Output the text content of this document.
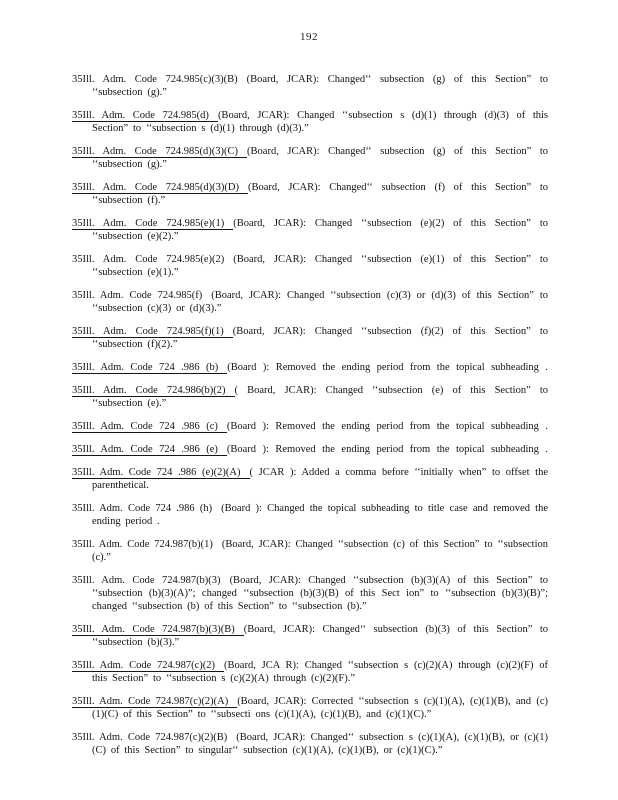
192

35Ill. Adm. Code 724.985(c)(3)(B) (Board, JCAR): Changed‘‘ subsection (g) of this Section” to ‘‘subsection (g).”

35Ill. Adm. Code 724.985(d) (Board, JCAR): Changed ‘‘subsection s (d)(1) through (d)(3) of this Section” to ‘‘subsection s (d)(1) through (d)(3).”

35Ill. Adm. Code 724.985(d)(3)(C) (Board, JCAR): Changed‘‘ subsection (g) of this Section” to ‘‘subsection (g).”

35Ill. Adm. Code 724.985(d)(3)(D) (Board, JCAR): Changed‘‘ subsection (f) of this Section” to ‘‘subsection (f).”

35Ill. Adm. Code 724.985(e)(1) (Board, JCAR): Changed ‘‘subsection (e)(2) of this Section” to ‘‘subsection (e)(2).”

35Ill. Adm. Code 724.985(e)(2) (Board, JCAR): Changed ‘‘subsection (e)(1) of this Section” to ‘‘subsection (e)(1).”

35Ill. Adm. Code 724.985(f) (Board, JCAR): Changed ‘‘subsection (c)(3) or (d)(3) of this Section” to ‘‘subsection (c)(3) or (d)(3).”

35Ill. Adm. Code 724.985(f)(1) (Board, JCAR): Changed ‘‘subsection (f)(2) of this Section” to ‘‘subsection (f)(2).”

35Ill. Adm. Code 724 .986 (b) (Board ): Removed the ending period from the topical subheading .

35Ill. Adm. Code 724.986(b)(2) ( Board, JCAR): Changed ‘‘subsection (e) of this Section” to ‘‘subsection (e).”

35Ill. Adm. Code 724 .986 (c) (Board ): Removed the ending period from the topical subheading .

35Ill. Adm. Code 724 .986 (e) (Board ): Removed the ending period from the topical subheading .

35Ill. Adm. Code 724 .986 (e)(2)(A) ( JCAR ): Added a comma before ‘‘initially when” to offset the parenthetical.

35Ill. Adm. Code 724 .986 (h) (Board ): Changed the topical subheading to title case and removed the ending period .

35Ill. Adm. Code 724.987(b)(1) (Board, JCAR): Changed ‘‘subsection (c) of this Section” to ‘‘subsection (c).”

35Ill. Adm. Code 724.987(b)(3) (Board, JCAR): Changed ‘‘subsection (b)(3)(A) of this Section” to ‘‘subsection (b)(3)(A)”; changed ‘‘subsection (b)(3)(B) of this Sect ion” to ‘‘subsection (b)(3)(B)”; changed ‘‘subsection (b) of this Section” to ‘‘subsection (b).”

35Ill. Adm. Code 724.987(b)(3)(B) (Board, JCAR): Changed‘‘ subsection (b)(3) of this Section” to ‘‘subsection (b)(3).”

35Ill. Adm. Code 724.987(c)(2) (Board, JCA R): Changed ‘‘subsection s (c)(2)(A) through (c)(2)(F) of this Section” to ‘‘subsection s (c)(2)(A) through (c)(2)(F).”

35Ill. Adm. Code 724.987(c)(2)(A) (Board, JCAR): Corrected ‘‘subsection s (c)(1)(A), (c)(1)(B), and (c)(1)(C) of this Section” to ‘‘subsecti ons (c)(1)(A), (c)(1)(B), and (c)(1)(C).”

35Ill. Adm. Code 724.987(c)(2)(B) (Board, JCAR): Changed‘‘ subsection s (c)(1)(A), (c)(1)(B), or (c)(1)(C) of this Section” to singular‘‘ subsection (c)(1)(A), (c)(1)(B), or (c)(1)(C).”
